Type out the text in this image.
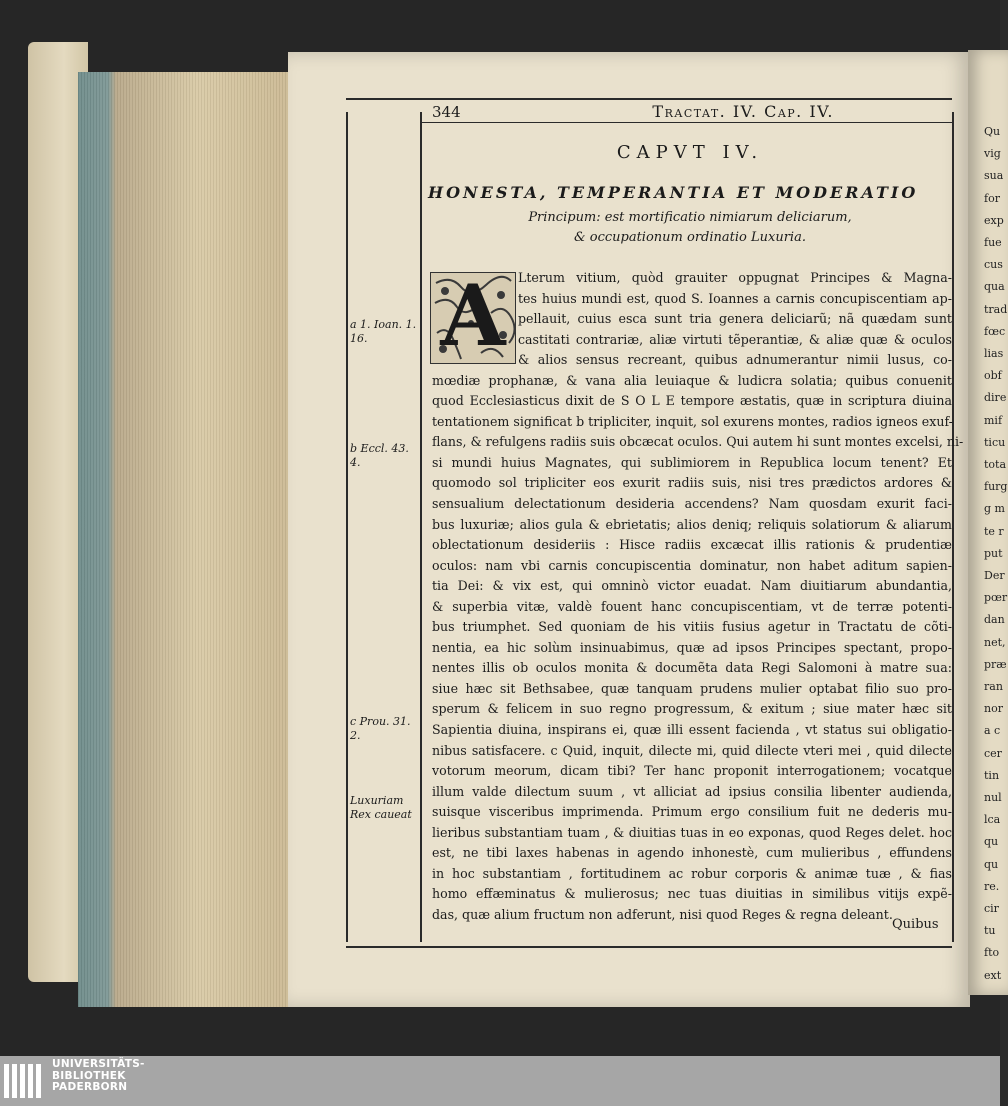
Qu
vig
sua
for
exp
fue
cus
qua
trad
fœc
lias
obf
dire
mif
ticu
tota
furg
g m
te r
put
Der
pœr
dan
net,
præ
ran
nor
a c
cer
tin
nul
lca
qu
qu
re.
cir
tu
fto
ext
344	Tractat. IV. Cap. IV.
CAPVT IV.
HONESTA, TEMPERANTIA ET MODERATIO
Principum: est mortificatio nimiarum deliciarum,
& occupationum ordinatio Luxuria.
A Lterum vitium, quòd grauiter oppugnat Principes & Magna-
tes huius mundi est, quod S. Ioannes a carnis concupiscentiam ap-
pellauit, cuius esca sunt tria genera deliciarũ; nã quædam sunt
castitati contrariæ, aliæ virtuti tẽperantiæ, & aliæ quæ & oculos
& alios sensus recreant, quibus adnumerantur nimii lusus, co-
mœdiæ prophanæ, & vana alia leuiaque & ludicra solatia; quibus conuenit
quod Ecclesiasticus dixit de S O L E tempore æstatis, quæ in scriptura diuina
tentationem significat b tripliciter, inquit, sol exurens montes, radios igneos exuf-
flans, & refulgens radiis suis obcæcat oculos. Qui autem hi sunt montes excelsi, ni-
si mundi huius Magnates, qui sublimiorem in Republica locum tenent? Et
quomodo sol tripliciter eos exurit radiis suis, nisi tres prædictos ardores &
sensualium delectationum desideria accendens? Nam quosdam exurit faci-
bus luxuriæ; alios gula & ebrietatis; alios deniq; reliquis solatiorum & aliarum
oblectationum desideriis : Hisce radiis excæcat illis rationis & prudentiæ
oculos: nam vbi carnis concupiscentia dominatur, non habet aditum sapien-
tia Dei: & vix est, qui omninò victor euadat. Nam diuitiarum abundantia,
& superbia vitæ, valdè fouent hanc concupiscentiam, vt de terræ potenti-
bus triumphet. Sed quoniam de his vitiis fusius agetur in Tractatu de cõti-
nentia, ea hic solùm insinuabimus, quæ ad ipsos Principes spectant, propo-
nentes illis ob oculos monita & documẽta data Regi Salomoni à matre sua:
siue hæc sit Bethsabee, quæ tanquam prudens mulier optabat filio suo pro-
sperum & felicem in suo regno progressum, & exitum ; siue mater hæc sit
Sapientia diuina, inspirans ei, quæ illi essent facienda , vt status sui obligatio-
nibus satisfacere. c Quid, inquit, dilecte mi, quid dilecte vteri mei , quid dilecte
votorum meorum, dicam tibi? Ter hanc proponit interrogationem; vocatque
illum valde dilectum suum , vt alliciat ad ipsius consilia libenter audienda,
suisque visceribus imprimenda. Primum ergo consilium fuit ne dederis mu-
lieribus substantiam tuam , & diuitias tuas in eo exponas, quod Reges delet. hoc
est, ne tibi laxes habenas in agendo inhonestè, cum mulieribus , effundens
in hoc substantiam , fortitudinem ac robur corporis & animæ tuæ , & fias
homo effæminatus & mulierosus; nec tuas diuitias in similibus vitijs expẽ-
das, quæ alium fructum non adferunt, nisi quod Reges & regna deleant.
a 1. Ioan. 1.
16.
b Eccl. 43. 4.
c Prou. 31. 2.
Luxuriam
Rex caueat
Quibus
UNIVERSITÄTS-
BIBLIOTHEK
PADERBORN
